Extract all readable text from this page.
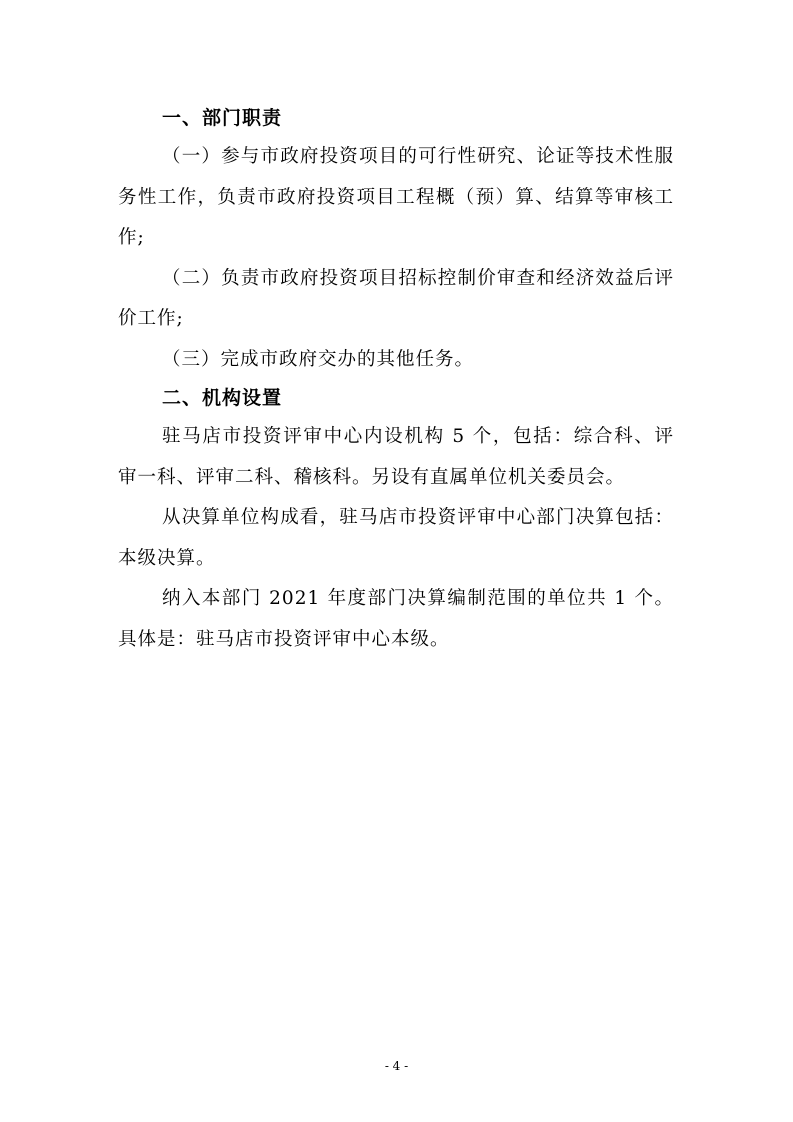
一、部门职责

（一）参与市政府投资项目的可行性研究、论证等技术性服务性工作，负责市政府投资项目工程概（预）算、结算等审核工作;

（二）负责市政府投资项目招标控制价审查和经济效益后评价工作;

（三）完成市政府交办的其他任务。

二、机构设置

驻马店市投资评审中心内设机构 5 个，包括：综合科、评审一科、评审二科、稽核科。另设有直属单位机关委员会。

从决算单位构成看，驻马店市投资评审中心部门决算包括：本级决算。

纳入本部门 2021 年度部门决算编制范围的单位共 1 个。具体是：驻马店市投资评审中心本级。

- 4 -
